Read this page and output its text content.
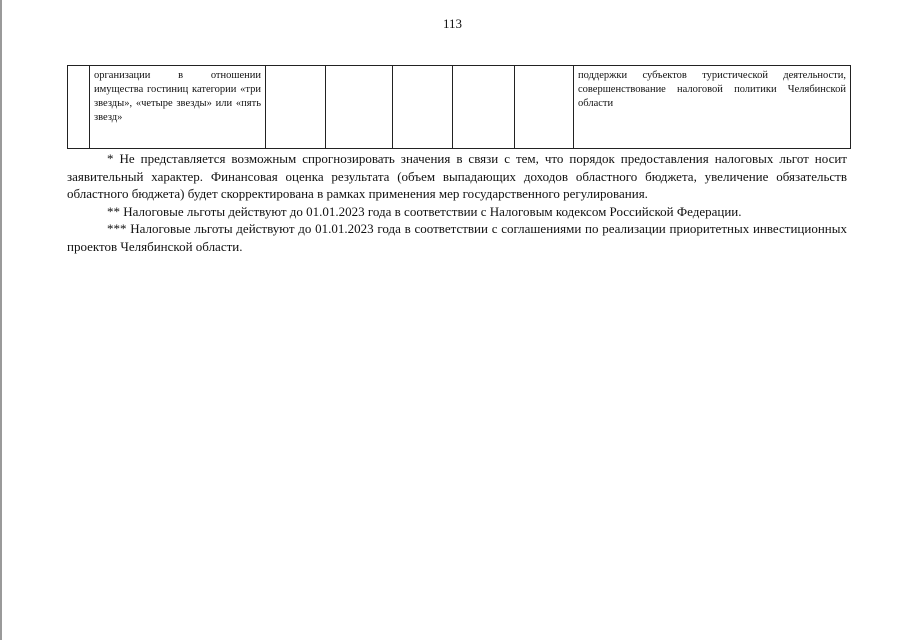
113
	организации в отношении имущества гостиниц категории «три звезды», «четыре звезды» или «пять звезд»						поддержки субъектов туристической деятельности, совершенствование налоговой политики Челябинской области

* Не представляется возможным спрогнозировать значения в связи с тем, что порядок предоставления налоговых льгот носит заявительный характер. Финансовая оценка результата (объем выпадающих доходов областного бюджета, увеличение обязательств областного бюджета) будет скорректирована в рамках применения мер государственного регулирования.

** Налоговые льготы действуют до 01.01.2023 года в соответствии с Налоговым кодексом Российской Федерации.

*** Налоговые льготы действуют до 01.01.2023 года в соответствии с соглашениями по реализации приоритетных инвестиционных проектов Челябинской области.
